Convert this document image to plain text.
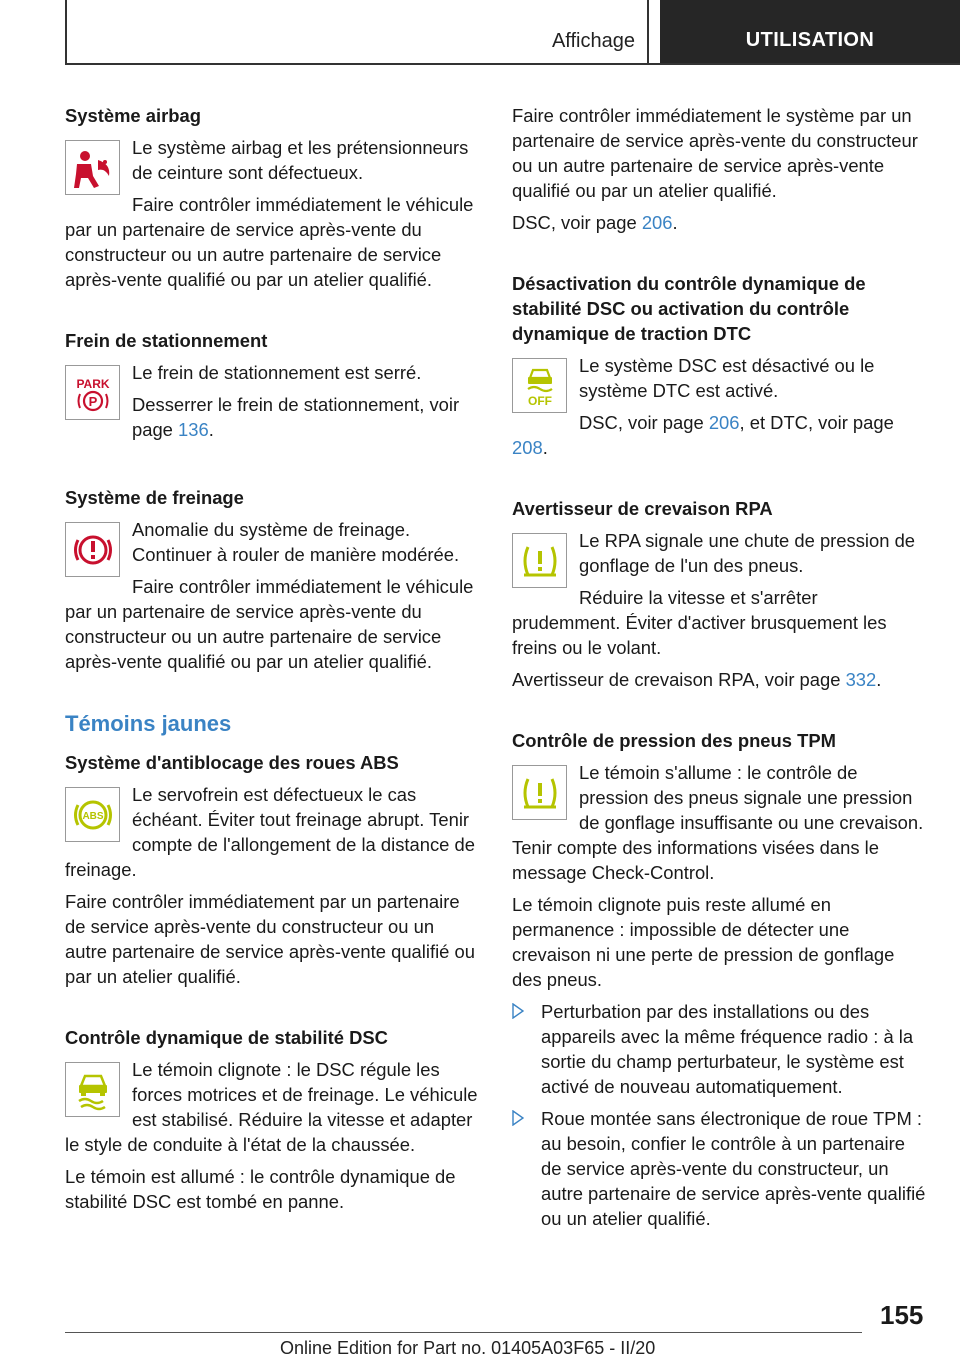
Affichage	UTILISATION
Système airbag
Le système airbag et les prétensionneurs de ceinture sont défectueux.
Faire contrôler immédiatement le véhicule par un partenaire de service après-vente du constructeur ou un autre partenaire de service après-vente qualifié ou par un atelier qualifié.
Frein de stationnement
PARK
P
Le frein de stationnement est serré.
Desserrer le frein de stationnement, voir page 136.
Système de freinage
Anomalie du système de freinage. Continuer à rouler de manière modérée.
Faire contrôler immédiatement le véhicule par un partenaire de service après-vente du constructeur ou un autre partenaire de service après-vente qualifié ou par un atelier qualifié.
Témoins jaunes
Système d'antiblocage des roues ABS
ABS
Le servofrein est défectueux le cas échéant. Éviter tout freinage abrupt. Tenir compte de l'allongement de la distance de freinage.
Faire contrôler immédiatement par un partenaire de service après-vente du constructeur ou un autre partenaire de service après-vente qualifié ou par un atelier qualifié.
Contrôle dynamique de stabilité DSC
Le témoin clignote : le DSC régule les forces motrices et de freinage. Le véhicule est stabilisé. Réduire la vitesse et adapter le style de conduite à l'état de la chaussée.
Le témoin est allumé : le contrôle dynamique de stabilité DSC est tombé en panne.
Faire contrôler immédiatement le système par un partenaire de service après-vente du constructeur ou un autre partenaire de service après-vente qualifié ou par un atelier qualifié.
DSC, voir page 206.
Désactivation du contrôle dynamique de stabilité DSC ou activation du contrôle dynamique de traction DTC
OFF
Le système DSC est désactivé ou le système DTC est activé.
DSC, voir page 206, et DTC, voir page 208.
Avertisseur de crevaison RPA
Le RPA signale une chute de pression de gonflage de l'un des pneus.
Réduire la vitesse et s'arrêter prudemment. Éviter d'activer brusquement les freins ou le volant.
Avertisseur de crevaison RPA, voir page 332.
Contrôle de pression des pneus TPM
Le témoin s'allume : le contrôle de pression des pneus signale une pression de gonflage insuffisante ou une crevaison. Tenir compte des informations visées dans le message Check-Control.
Le témoin clignote puis reste allumé en permanence : impossible de détecter une crevaison ni une perte de pression de gonflage des pneus.
Perturbation par des installations ou des appareils avec la même fréquence radio : à la sortie du champ perturbateur, le système est activé de nouveau automatiquement.
Roue montée sans électronique de roue TPM : au besoin, confier le contrôle à un partenaire de service après-vente du constructeur, un autre partenaire de service après-vente qualifié ou un atelier qualifié.
155
Online Edition for Part no. 01405A03F65 - II/20
